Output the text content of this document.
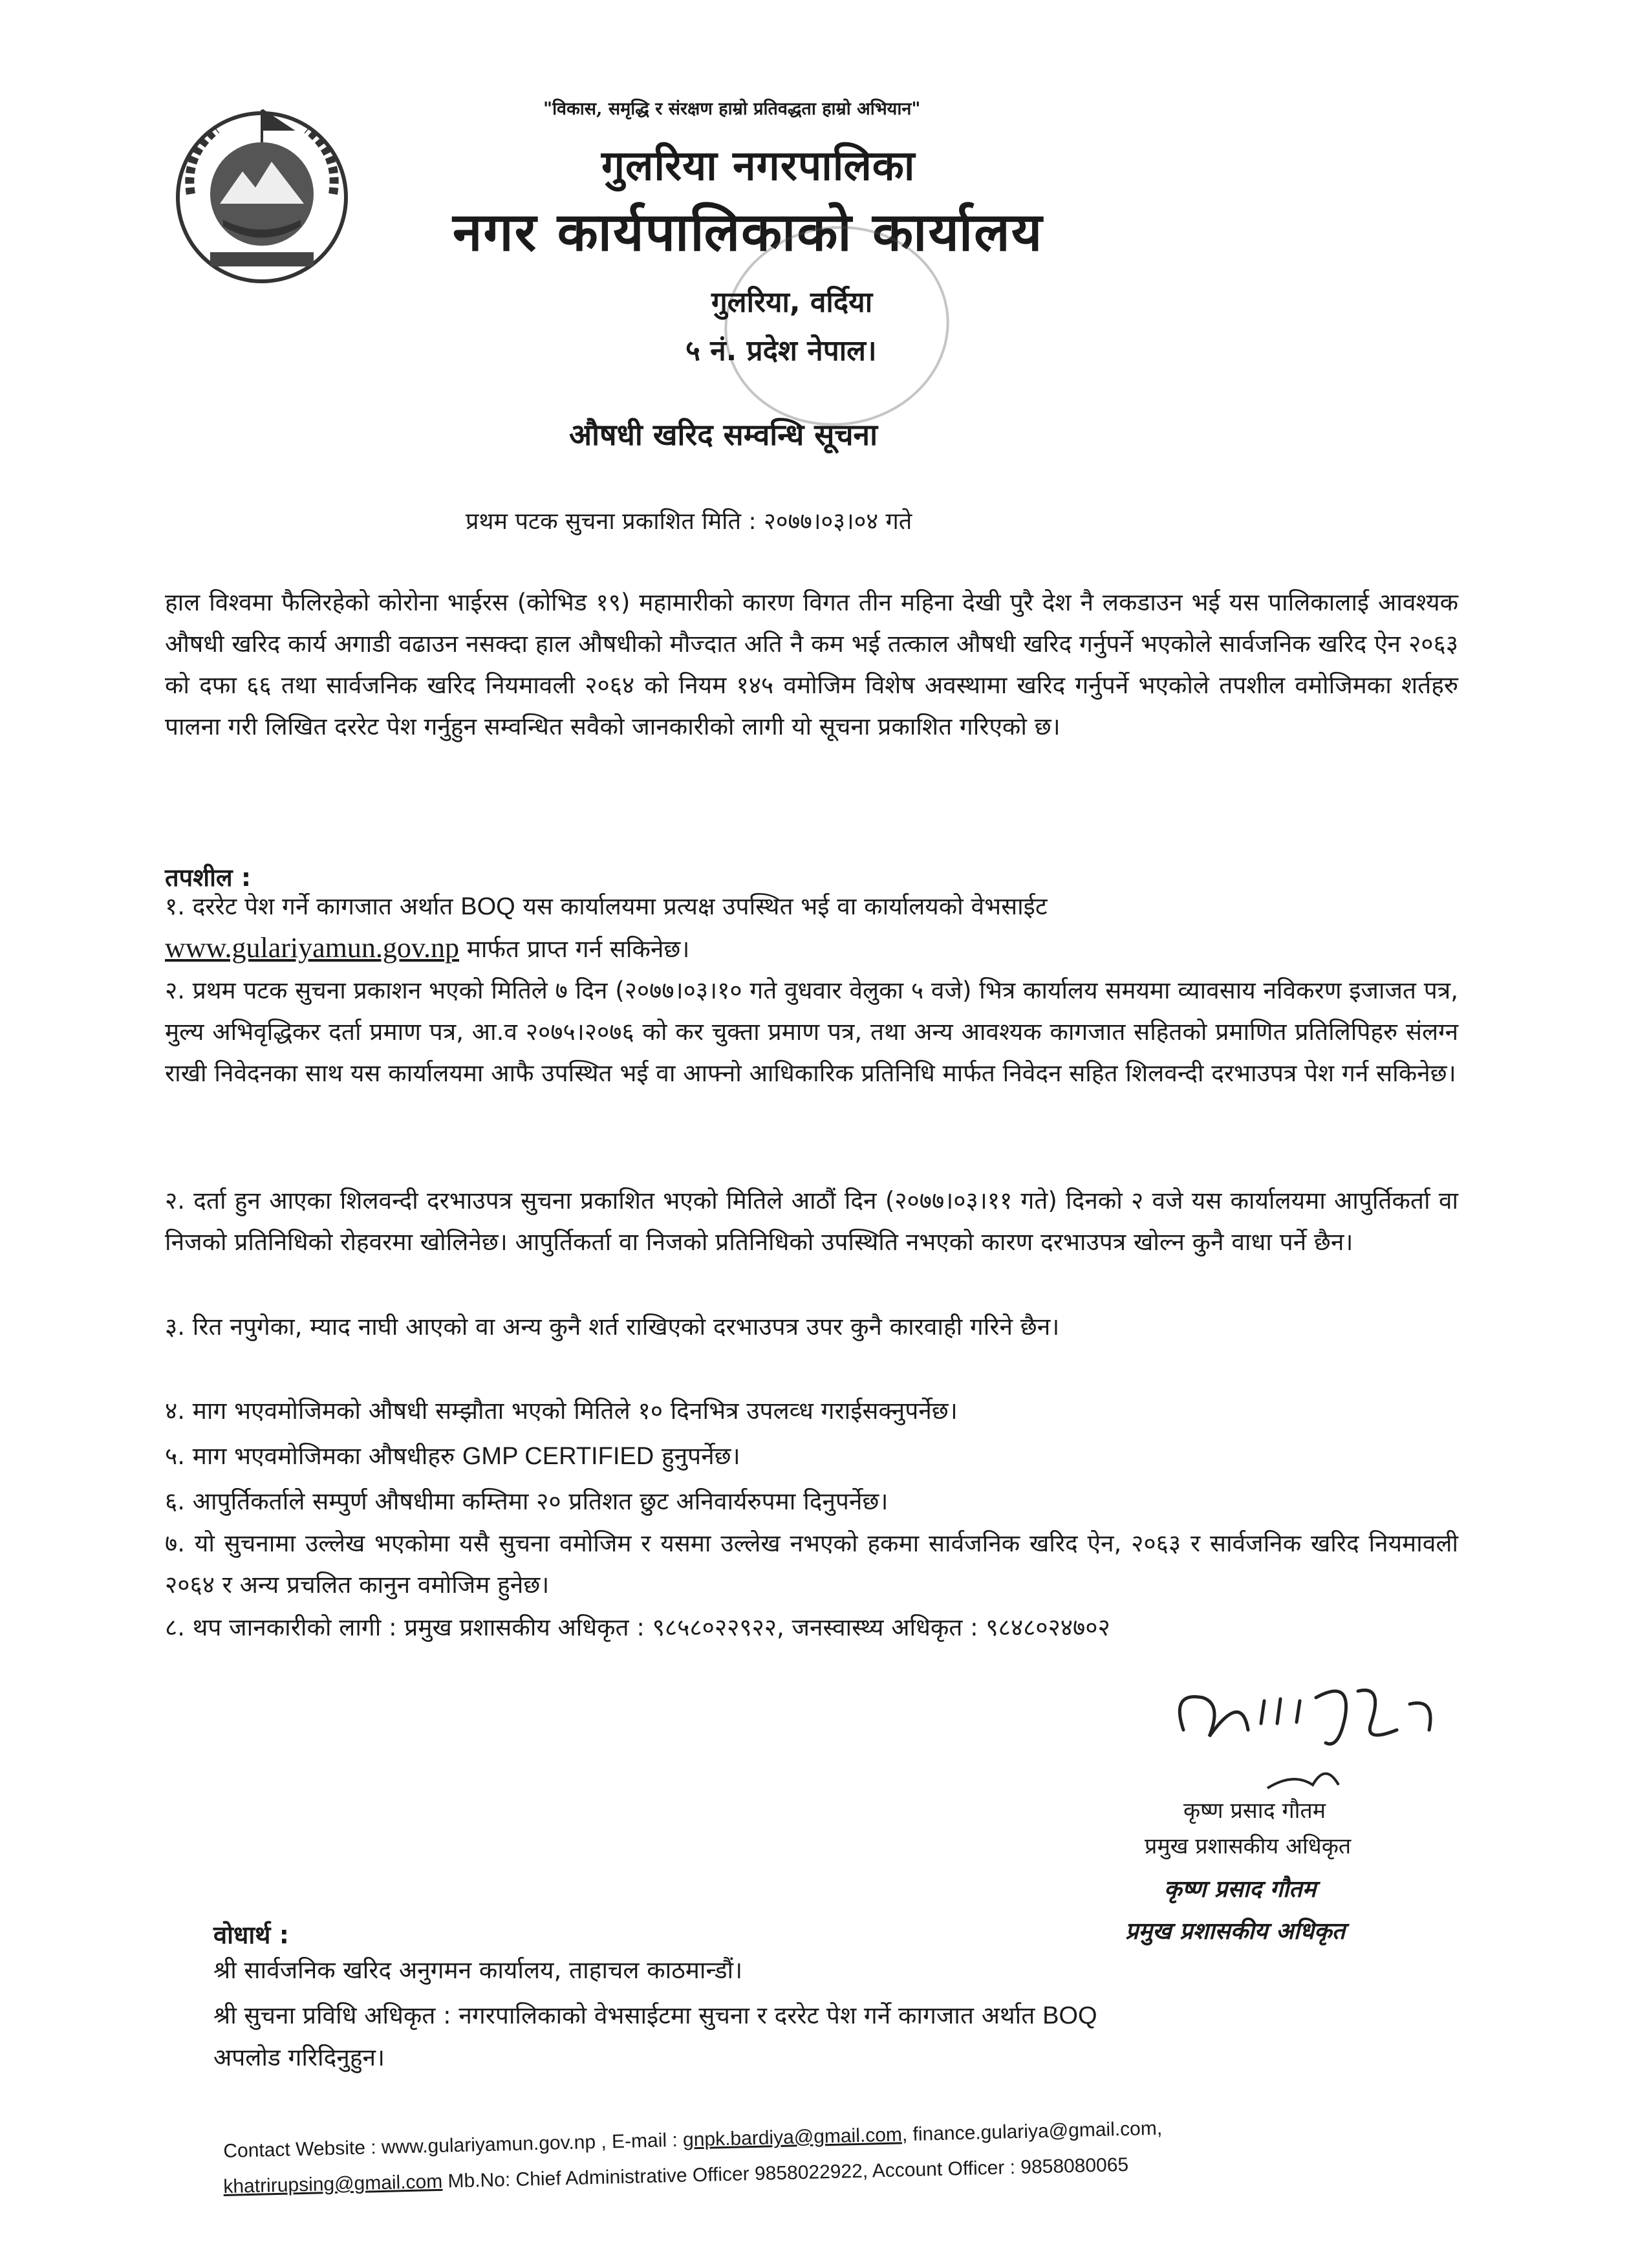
"विकास, समृद्धि र संरक्षण हाम्रो प्रतिवद्धता हाम्रो अभियान"
गुलरिया नगरपालिका
नगर कार्यपालिकाको कार्यालय
गुलरिया, वर्दिया
५ नं. प्रदेश नेपाल।
औषधी खरिद सम्वन्धि सूचना
प्रथम पटक सुचना प्रकाशित मिति : २०७७।०३।०४ गते
हाल विश्वमा फैलिरहेको कोरोना भाईरस (कोभिड १९) महामारीको कारण विगत तीन महिना देखी पुरै देश नै लकडाउन भई यस पालिकालाई आवश्यक औषधी खरिद कार्य अगाडी वढाउन नसक्दा हाल औषधीको मौज्दात अति नै कम भई तत्काल औषधी खरिद गर्नुपर्ने भएकोले सार्वजनिक खरिद ऐन २०६३ को दफा ६६ तथा सार्वजनिक खरिद नियमावली २०६४ को नियम १४५ वमोजिम विशेष अवस्थामा खरिद गर्नुपर्ने भएकोले तपशील वमोजिमका शर्तहरु पालना गरी लिखित दररेट पेश गर्नुहुन सम्वन्धित सवैको जानकारीको लागी यो सूचना प्रकाशित गरिएको छ।
तपशील :
१. दररेट पेश गर्ने कागजात अर्थात BOQ यस कार्यालयमा प्रत्यक्ष उपस्थित भई वा कार्यालयको वेभसाईट
www.gulariyamun.gov.np मार्फत प्राप्त गर्न सकिनेछ।
२. प्रथम पटक सुचना प्रकाशन भएको मितिले ७ दिन (२०७७।०३।१० गते वुधवार वेलुका ५ वजे) भित्र कार्यालय समयमा व्यावसाय नविकरण इजाजत पत्र, मुल्य अभिवृद्धिकर दर्ता प्रमाण पत्र, आ.व २०७५।२०७६ को कर चुक्ता प्रमाण पत्र, तथा अन्य आवश्यक कागजात सहितको प्रमाणित प्रतिलिपिहरु संलग्न राखी निवेदनका साथ यस कार्यालयमा आफै उपस्थित भई वा आफ्नो आधिकारिक प्रतिनिधि मार्फत निवेदन सहित शिलवन्दी दरभाउपत्र पेश गर्न सकिनेछ।
२. दर्ता हुन आएका शिलवन्दी दरभाउपत्र सुचना प्रकाशित भएको मितिले आठौं दिन (२०७७।०३।११ गते) दिनको २ वजे यस कार्यालयमा आपुर्तिकर्ता वा निजको प्रतिनिधिको रोहवरमा खोलिनेछ। आपुर्तिकर्ता वा निजको प्रतिनिधिको उपस्थिति नभएको कारण दरभाउपत्र खोल्न कुनै वाधा पर्ने छैन।
३. रित नपुगेका, म्याद नाघी आएको वा अन्य कुनै शर्त राखिएको दरभाउपत्र उपर कुनै कारवाही गरिने छैन।
४. माग भएवमोजिमको औषधी सम्झौता भएको मितिले १० दिनभित्र उपलव्ध गराईसक्नुपर्नेछ।
५. माग भएवमोजिमका औषधीहरु GMP CERTIFIED हुनुपर्नेछ।
६. आपुर्तिकर्ताले सम्पुर्ण औषधीमा कम्तिमा २० प्रतिशत छुट अनिवार्यरुपमा दिनुपर्नेछ।
७. यो सुचनामा उल्लेख भएकोमा यसै सुचना वमोजिम र यसमा उल्लेख नभएको हकमा सार्वजनिक खरिद ऐन, २०६३ र सार्वजनिक खरिद नियमावली २०६४ र अन्य प्रचलित कानुन वमोजिम हुनेछ।
८. थप जानकारीको लागी : प्रमुख प्रशासकीय अधिकृत : ९८५८०२२९२२, जनस्वास्थ्य अधिकृत : ९८४८०२४७०२
कृष्ण प्रसाद गौतम
प्रमुख प्रशासकीय अधिकृत
कृष्ण प्रसाद गौतम
प्रमुख प्रशासकीय अधिकृत
वोधार्थ :
श्री सार्वजनिक खरिद अनुगमन कार्यालय, ताहाचल काठमान्डौं।
श्री सुचना प्रविधि अधिकृत : नगरपालिकाको वेभसाईटमा सुचना र दररेट पेश गर्ने कागजात अर्थात BOQ
अपलोड गरिदिनुहुन।
Contact Website : www.gulariyamun.gov.np , E-mail : gnpk.bardiya@gmail.com, finance.gulariya@gmail.com,
khatrirupsing@gmail.com Mb.No: Chief Administrative Officer 9858022922, Account Officer : 9858080065
